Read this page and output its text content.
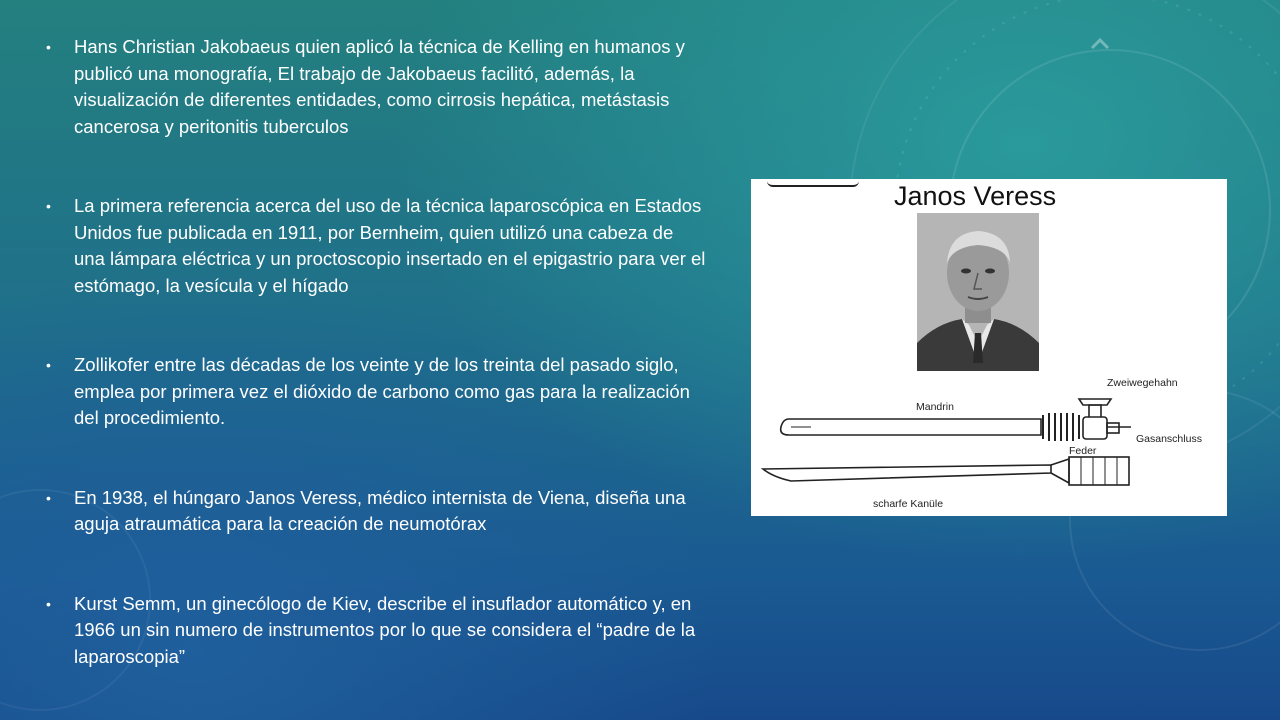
• Hans Christian Jakobaeus quien aplicó la técnica de Kelling en humanos y publicó una monografía, El trabajo de Jakobaeus facilitó, además, la visualización de diferentes entidades, como cirrosis hepática, metástasis cancerosa y peritonitis tuberculos
• La primera referencia acerca del uso de la técnica laparoscópica en Estados Unidos fue publicada en 1911, por Bernheim, quien utilizó una cabeza de una lámpara eléctrica y un proctoscopio insertado en el epigastrio para ver el estómago, la vesícula y el hígado
• Zollikofer entre las décadas de los veinte y de los treinta del pasado siglo, emplea por primera vez el dióxido de carbono como gas para la realización del procedimiento.
• En 1938, el húngaro Janos Veress, médico internista de Viena, diseña una aguja atraumática para la creación de neumotórax
• Kurst Semm, un ginecólogo de Kiev, describe el insuflador automático y, en 1966 un sin numero de instrumentos por lo que se considera el “padre de la laparoscopia”
Janos Veress
Zweiwegehahn
Mandrin
Gasanschluss
Feder
scharfe Kanüle
